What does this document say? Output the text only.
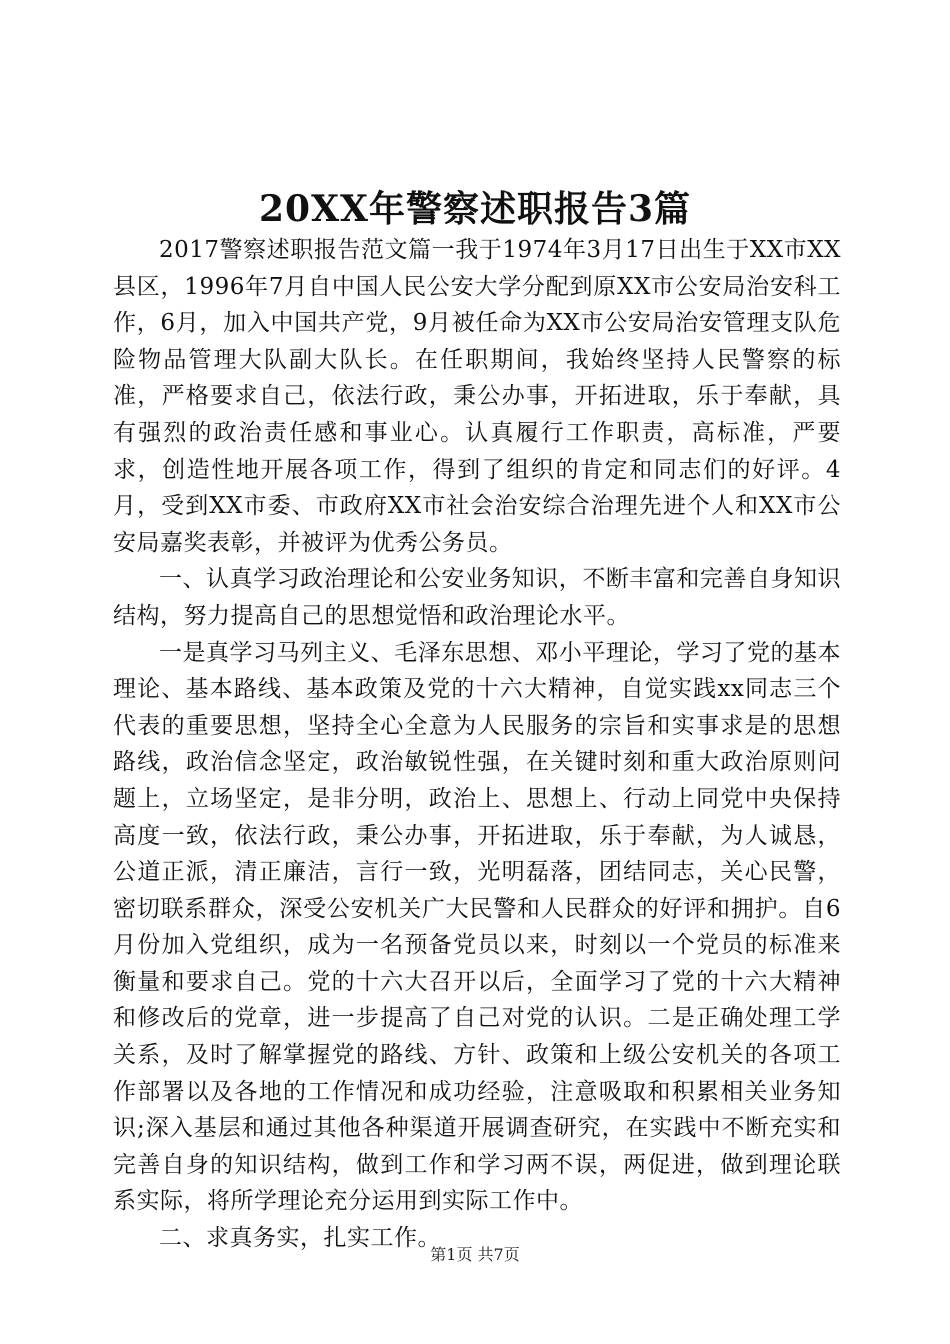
20XX年警察述职报告3篇

2017警察述职报告范文篇一我于1974年3月17日出生于XX市XX县区，1996年7月自中国人民公安大学分配到原XX市公安局治安科工作，6月，加入中国共产党，9月被任命为XX市公安局治安管理支队危险物品管理大队副大队长。在任职期间，我始终坚持人民警察的标准，严格要求自己，依法行政，秉公办事，开拓进取，乐于奉献，具有强烈的政治责任感和事业心。认真履行工作职责，高标准，严要求，创造性地开展各项工作，得到了组织的肯定和同志们的好评。4月，受到XX市委、市政府XX市社会治安综合治理先进个人和XX市公安局嘉奖表彰，并被评为优秀公务员。

一、认真学习政治理论和公安业务知识，不断丰富和完善自身知识结构，努力提高自己的思想觉悟和政治理论水平。

一是真学习马列主义、毛泽东思想、邓小平理论，学习了党的基本理论、基本路线、基本政策及党的十六大精神，自觉实践xx同志三个代表的重要思想，坚持全心全意为人民服务的宗旨和实事求是的思想路线，政治信念坚定，政治敏锐性强，在关键时刻和重大政治原则问题上，立场坚定，是非分明，政治上、思想上、行动上同党中央保持高度一致，依法行政，秉公办事，开拓进取，乐于奉献，为人诚恳，公道正派，清正廉洁，言行一致，光明磊落，团结同志，关心民警，密切联系群众，深受公安机关广大民警和人民群众的好评和拥护。自6月份加入党组织，成为一名预备党员以来，时刻以一个党员的标准来衡量和要求自己。党的十六大召开以后，全面学习了党的十六大精神和修改后的党章，进一步提高了自己对党的认识。二是正确处理工学关系，及时了解掌握党的路线、方针、政策和上级公安机关的各项工作部署以及各地的工作情况和成功经验，注意吸取和积累相关业务知识;深入基层和通过其他各种渠道开展调查研究，在实践中不断充实和完善自身的知识结构，做到工作和学习两不误，两促进，做到理论联系实际，将所学理论充分运用到实际工作中。

二、求真务实，扎实工作。

第1页 共7页
